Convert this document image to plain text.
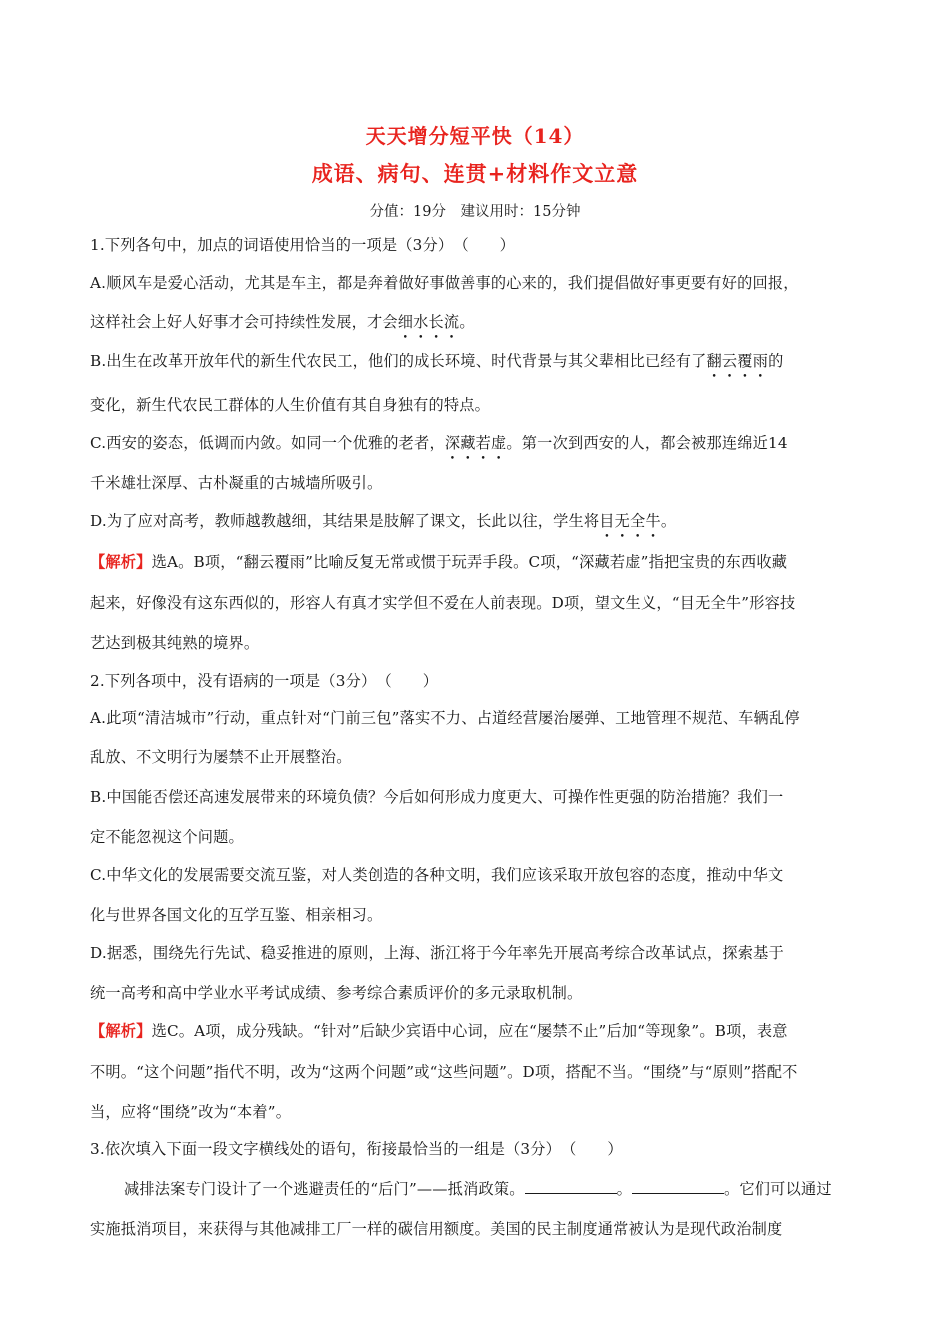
天天增分短平快（14）
成语、病句、连贯+材料作文立意
分值：19分　建议用时：15分钟
1.下列各句中，加点的词语使用恰当的一项是（3分）　（　　）
A.顺风车是爱心活动，尤其是车主，都是奔着做好事做善事的心来的，我们提倡做好事更要有好的回报，
这样社会上好人好事才会可持续性发展，才会细水长流。
B.出生在改革开放年代的新生代农民工，他们的成长环境、时代背景与其父辈相比已经有了翻云覆雨的
变化，新生代农民工群体的人生价值有其自身独有的特点。
C.西安的姿态，低调而内敛。如同一个优雅的老者，深藏若虚。第一次到西安的人，都会被那连绵近14
千米雄壮深厚、古朴凝重的古城墙所吸引。
D.为了应对高考，教师越教越细，其结果是肢解了课文，长此以往，学生将目无全牛。
【解析】选A。B项，“翻云覆雨”比喻反复无常或惯于玩弄手段。C项，“深藏若虚”指把宝贵的东西收藏
起来，好像没有这东西似的，形容人有真才实学但不爱在人前表现。D项，望文生义，“目无全牛”形容技
艺达到极其纯熟的境界。
2.下列各项中，没有语病的一项是（3分）　（　　）
A.此项“清洁城市”行动，重点针对“门前三包”落实不力、占道经营屡治屡弹、工地管理不规范、车辆乱停
乱放、不文明行为屡禁不止开展整治。
B.中国能否偿还高速发展带来的环境负债？今后如何形成力度更大、可操作性更强的防治措施？我们一
定不能忽视这个问题。
C.中华文化的发展需要交流互鉴，对人类创造的各种文明，我们应该采取开放包容的态度，推动中华文
化与世界各国文化的互学互鉴、相亲相习。
D.据悉，围绕先行先试、稳妥推进的原则，上海、浙江将于今年率先开展高考综合改革试点，探索基于
统一高考和高中学业水平考试成绩、参考综合素质评价的多元录取机制。
【解析】选C。A项，成分残缺。“针对”后缺少宾语中心词，应在“屡禁不止”后加“等现象”。B项，表意
不明。“这个问题”指代不明，改为“这两个问题”或“这些问题”。D项，搭配不当。“围绕”与“原则”搭配不
当，应将“围绕”改为“本着”。
3.依次填入下面一段文字横线处的语句，衔接最恰当的一组是（3分）　（　　）
减排法案专门设计了一个逃避责任的“后门”——抵消政策。	。	。它们可以通过
实施抵消项目，来获得与其他减排工厂一样的碳信用额度。美国的民主制度通常被认为是现代政治制度
